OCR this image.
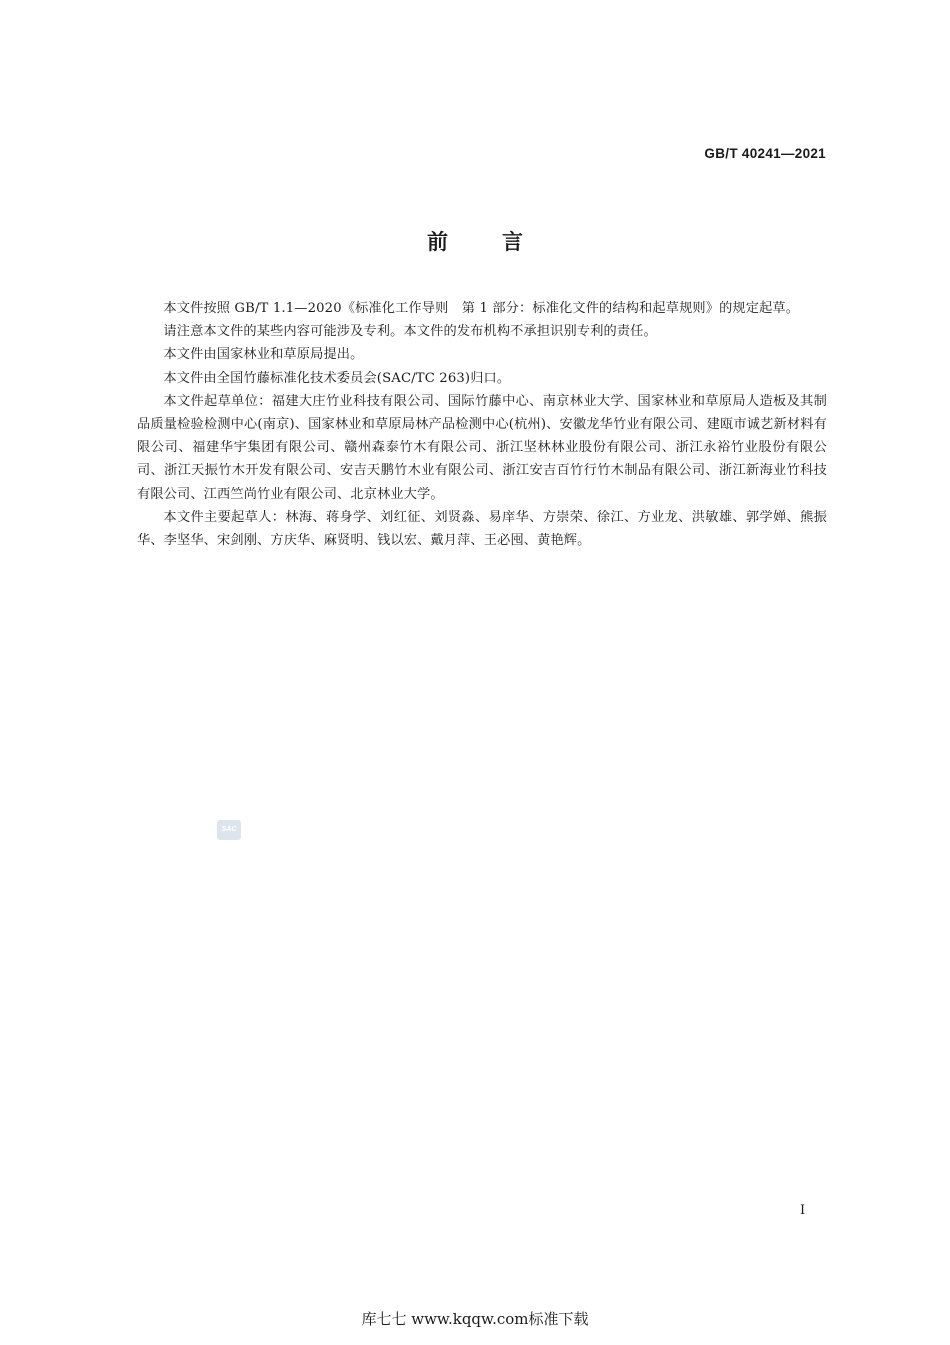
GB/T 40241—2021
前言

本文件按照 GB/T 1.1—2020《标准化工作导则　第 1 部分：标准化文件的结构和起草规则》的规定起草。

请注意本文件的某些内容可能涉及专利。本文件的发布机构不承担识别专利的责任。

本文件由国家林业和草原局提出。

本文件由全国竹藤标准化技术委员会(SAC/TC 263)归口。

本文件起草单位：福建大庄竹业科技有限公司、国际竹藤中心、南京林业大学、国家林业和草原局人造板及其制品质量检验检测中心(南京)、国家林业和草原局林产品检测中心(杭州)、安徽龙华竹业有限公司、建瓯市诚艺新材料有限公司、福建华宇集团有限公司、赣州森泰竹木有限公司、浙江坚林林业股份有限公司、浙江永裕竹业股份有限公司、浙江天振竹木开发有限公司、安吉天鹏竹木业有限公司、浙江安吉百竹行竹木制品有限公司、浙江新海业竹科技有限公司、江西竺尚竹业有限公司、北京林业大学。

本文件主要起草人：林海、蒋身学、刘红征、刘贤淼、易庠华、方崇荣、徐江、方业龙、洪敏雄、郭学婵、熊振华、李坚华、宋剑刚、方庆华、麻贤明、钱以宏、戴月萍、王必囤、黄艳辉。

SAC
I
库七七 www.kqqw.com标准下载
